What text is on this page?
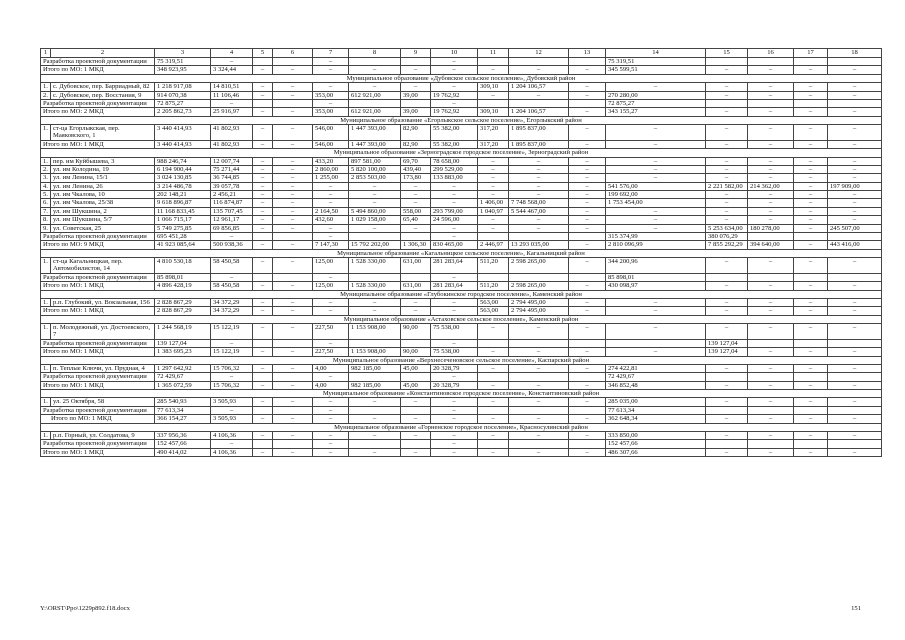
1	2	3	4	5	6	7	8	9	10	11	12	13	14	15	16	17	18
Разработка проектной документации		75 319,51	–			–			–				75 319,51				
Итого по МО: 1 МКД		348 923,95	3 324,44	–	–	–	–	–	–	–	–	–	345 599,51	–	–	–	–
Муниципальное образование «Дубовское сельское поселение», Дубовский район																	
1.	с. Дубовское, пер. Барриадный, 82	1 218 917,08	14 810,51	–	–	–	–	–	–	309,10	1 204 106,57	–	–	–	–	–	–
2.	с. Дубовское, пер. Восстания, 9	914 070,38	11 106,46	–	–	353,00	612 921,00	39,00	19 762,92	–	–	–	270 280,00	–	–	–	–
Разработка проектной документации		72 875,27	–			–			–				72 875,27				
Итого по МО: 2 МКД		2 205 862,73	25 916,97	–	–	353,00	612 921,00	39,00	19 762,92	309,10	1 204 106,57	–	343 155,27	–	–	–	–
Муниципальное образование «Егорлыкское сельское поселение», Егорлыкский район																	
1.	ст-ца Егорлыкская, пер. Маяковского, 1	3 440 414,93	41 802,93	–	–	546,00	1 447 393,00	82,90	55 382,00	317,20	1 895 837,00	–	–	–	–	–	–
Итого по МО: 1 МКД		3 440 414,93	41 802,93	–	–	546,00	1 447 393,00	82,90	55 382,00	317,20	1 895 837,00	–	–	–	–	–	–
Муниципальное образование «Зерноградское городское поселение», Зерноградский район																	
1.	пер. им Куйбышева, 3	988 246,74	12 007,74	–	–	433,20	897 581,00	69,70	78 658,00	–	–	–	–	–	–	–	–
2.	ул. им Колодина, 19	6 194 900,44	75 271,44	–	–	2 860,00	5 820 100,00	439,40	299 529,00	–	–	–	–	–	–	–	–
3.	ул. им Ленина, 15/1	3 024 130,85	36 744,85	–	–	1 255,00	2 853 503,00	173,80	133 883,00	–	–	–	–	–	–	–	–
4.	ул. им Ленина, 26	3 214 486,78	39 057,78	–	–	–	–	–	–	–	–	–	541 576,00	2 221 582,00	214 362,00	–	197 909,00
5.	ул. им Чкалова, 10	202 148,21	2 456,21	–	–	–	–	–	–	–	–	–	199 692,00	–	–	–	–
6.	ул. им Чкалова, 25/38	9 618 896,87	116 874,87	–	–	–	–	–	–	1 406,00	7 748 568,00	–	1 753 454,00	–	–	–	–
7.	ул. им Шукшина, 2	11 168 833,45	135 707,45	–	–	2 164,50	5 494 860,00	558,00	293 799,00	1 040,97	5 544 467,00	–	–	–	–	–	–
8.	ул. им Шукшина, 5/7	1 066 715,17	12 961,17	–	–	432,60	1 029 158,00	65,40	24 596,00	–	–	–	–	–	–	–	–
9.	ул. Советская, 25	5 749 275,85	69 856,85	–	–	–	–	–	–	–	–	–	–	5 253 634,00	180 278,00	–	245 507,00
Разработка проектной документации		695 451,28	–			–			–				315 374,99	380 076,29			
Итого по МО: 9 МКД		41 923 085,64	500 938,36	–	–	7 147,30	15 792 202,00	1 306,30	830 465,00	2 446,97	13 293 035,00	–	2 810 096,99	7 855 292,29	394 640,00	–	443 416,00
Муниципальное образование «Кагальницкое сельское поселение», Кагальницкий район																	
1.	ст-ца Кагальницкая, пер. Автомобилистов, 14	4 810 530,18	58 450,58	–	–	125,00	1 528 330,00	631,00	281 283,64	511,20	2 598 265,00	–	344 200,96	–	–	–	–
Разработка проектной документации		85 898,01	–			–			–				85 898,01				
Итого по МО: 1 МКД		4 896 428,19	58 450,58	–	–	125,00	1 528 330,00	631,00	281 283,64	511,20	2 598 265,00	–	430 098,97	–	–	–	–
Муниципальное образование «Глубокинское городское поселение», Каменский район																	
1.	р.п. Глубокий, ул. Вокзальная, 156	2 828 867,29	34 372,29	–	–	–	–	–	–	563,00	2 794 495,00	–	–	–	–	–	–
Итого по МО: 1 МКД		2 828 867,29	34 372,29	–	–	–	–	–	–	563,00	2 794 495,00	–	–	–	–	–	–
Муниципальное образование «Астаховское сельское поселение», Каменский район																	
1.	п. Молодежный, ул. Достоевского, 7	1 244 568,19	15 122,19	–	–	227,50	1 153 908,00	90,00	75 538,00	–	–	–	–	–	–	–	–
Разработка проектной документации		139 127,04	–			–			–					139 127,04			
Итого по МО: 1 МКД		1 383 695,23	15 122,19	–	–	227,50	1 153 908,00	90,00	75 538,00	–	–	–	–	139 127,04	–	–	–
Муниципальное образование «Верхнесеченовское сельское поселение», Каспарский район																	
1.	п. Теплые Ключи, ул. Прудная, 4	1 297 642,92	15 706,32	–	–	4,00	982 185,00	45,00	20 328,79	–	–	–	274 422,81	–	–	–	–
Разработка проектной документации		72 429,67	–			–			–				72 429,67				
Итого по МО: 1 МКД		1 365 072,59	15 706,32	–	–	4,00	982 185,00	45,00	20 328,79	–	–	–	346 852,48	–	–	–	–
Муниципальное образование «Константиновское городское поселение», Константиновский район																	
1.	ул. 25 Октября, 58	285 540,93	3 505,93	–	–	–	–	–	–	–	–	–	285 035,00	–	–	–	–
Разработка проектной документации		77 613,34	–			–			–				77 613,34				
Итого по МО: 1 МКД		366 154,27	3 505,93	–	–	–	–	–	–	–	–	–	362 648,34	–	–	–	–
Муниципальное образование «Горненское городское поселение», Красносулинский район																	
1.	р.п. Горный, ул. Солдатова, 9	337 956,36	4 106,36	–	–	–	–	–	–	–	–	–	333 850,00	–	–	–	–
Разработка проектной документации		152 457,66	–			–			–				152 457,66				
Итого по МО: 1 МКД		490 414,02	4 106,36	–	–	–	–	–	–	–	–	–	486 307,66	–	–	–	–
Y:\ORST\Ppo\1229p892.f18.docx	151
